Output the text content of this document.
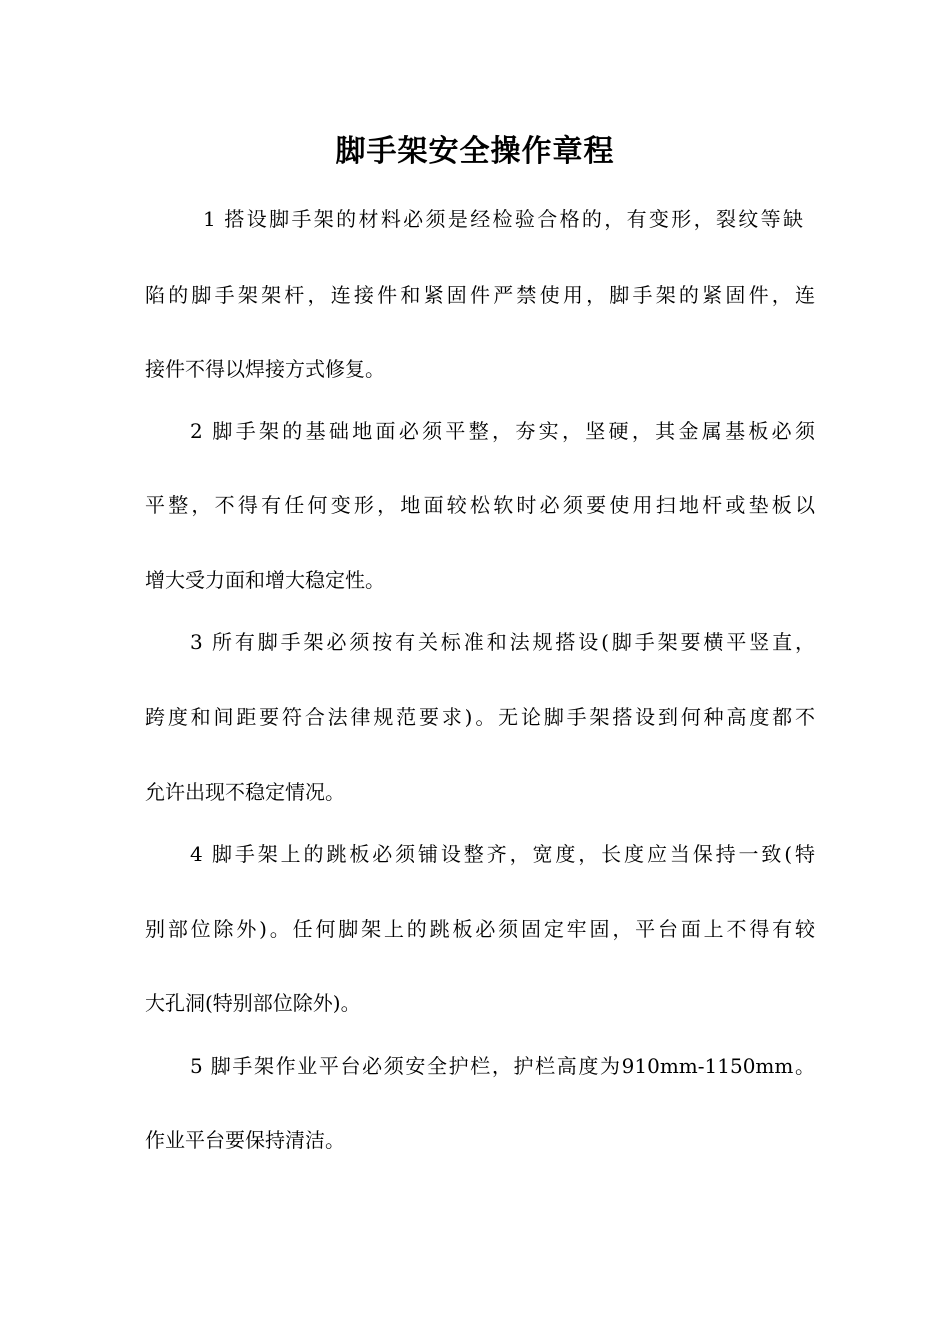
脚手架安全操作章程
1 搭设脚手架的材料必须是经检验合格的，有变形，裂纹等缺
陷的脚手架架杆，连接件和紧固件严禁使用，脚手架的紧固件，连
接件不得以焊接方式修复。
2 脚手架的基础地面必须平整，夯实，坚硬，其金属基板必须
平整，不得有任何变形，地面较松软时必须要使用扫地杆或垫板以
增大受力面和增大稳定性。
3 所有脚手架必须按有关标准和法规搭设(脚手架要横平竖直，
跨度和间距要符合法律规范要求)。无论脚手架搭设到何种高度都不
允许出现不稳定情况。
4 脚手架上的跳板必须铺设整齐，宽度，长度应当保持一致(特
别部位除外)。任何脚架上的跳板必须固定牢固，平台面上不得有较
大孔洞(特别部位除外)。
5 脚手架作业平台必须安全护栏，护栏高度为910mm-1150mm。
作业平台要保持清洁。
